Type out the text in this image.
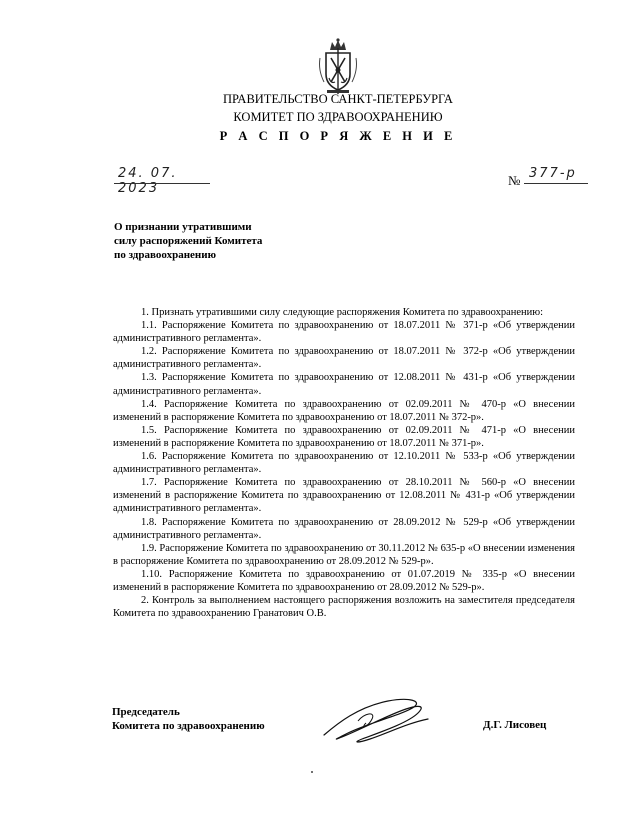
ПРАВИТЕЛЬСТВО САНКТ-ПЕТЕРБУРГА
КОМИТЕТ ПО ЗДРАВООХРАНЕНИЮ
Р А С П О Р Я Ж Е Н И Е
24. 07. 2023
№ 377-р
О признании утратившими
силу распоряжений Комитета
по здравоохранению

1. Признать утратившими силу следующие распоряжения Комитета по здравоохранению:

1.1. Распоряжение Комитета по здравоохранению от 18.07.2011 № 371-р «Об утверждении административного регламента».

1.2. Распоряжение Комитета по здравоохранению от 18.07.2011 № 372-р «Об утверждении административного регламента».

1.3. Распоряжение Комитета по здравоохранению от 12.08.2011 № 431-р «Об утверждении административного регламента».

1.4. Распоряжение Комитета по здравоохранению от 02.09.2011 № 470-р «О внесении изменений в распоряжение Комитета по здравоохранению от 18.07.2011 № 372-р».

1.5. Распоряжение Комитета по здравоохранению от 02.09.2011 № 471-р «О внесении изменений в распоряжение Комитета по здравоохранению от 18.07.2011 № 371-р».

1.6. Распоряжение Комитета по здравоохранению от 12.10.2011 № 533-р «Об утверждении административного регламента».

1.7. Распоряжение Комитета по здравоохранению от 28.10.2011 № 560-р «О внесении изменений в распоряжение Комитета по здравоохранению от 12.08.2011 № 431-р «Об утверждении административного регламента».

1.8. Распоряжение Комитета по здравоохранению от 28.09.2012 № 529-р «Об утверждении административного регламента».

1.9. Распоряжение Комитета по здравоохранению от 30.11.2012 № 635-р «О внесении изменения в распоряжение Комитета по здравоохранению от 28.09.2012 № 529-р».

1.10. Распоряжение Комитета по здравоохранению от 01.07.2019 № 335-р «О внесении изменений в распоряжение Комитета по здравоохранению от 28.09.2012 № 529-р».

2. Контроль за выполнением настоящего распоряжения возложить на заместителя председателя Комитета по здравоохранению Гранатович О.В.

Председатель
Комитета по здравоохранению	Д.Г. Лисовец
